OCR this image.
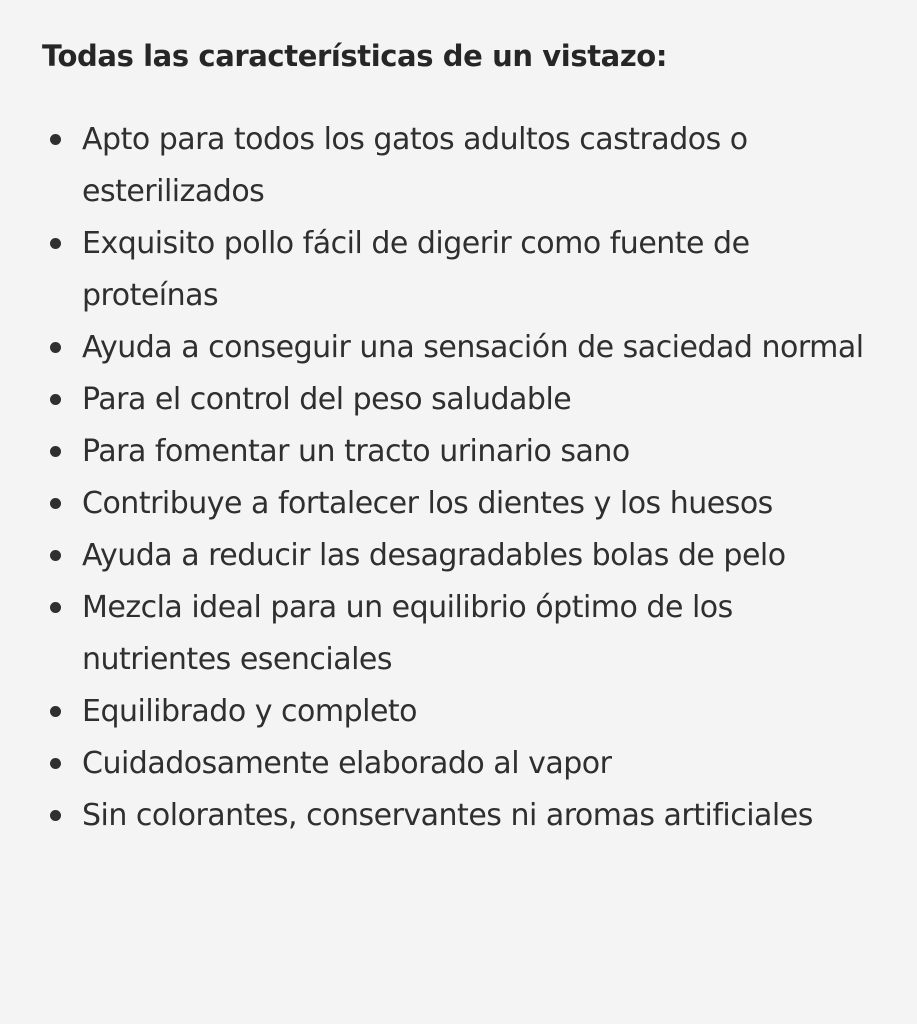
Todas las características de un vistazo:
Apto para todos los gatos adultos castrados o esterilizados
Exquisito pollo fácil de digerir como fuente de proteínas
Ayuda a conseguir una sensación de saciedad normal
Para el control del peso saludable
Para fomentar un tracto urinario sano
Contribuye a fortalecer los dientes y los huesos
Ayuda a reducir las desagradables bolas de pelo
Mezcla ideal para un equilibrio óptimo de los nutrientes esenciales
Equilibrado y completo
Cuidadosamente elaborado al vapor
Sin colorantes, conservantes ni aromas artificiales
